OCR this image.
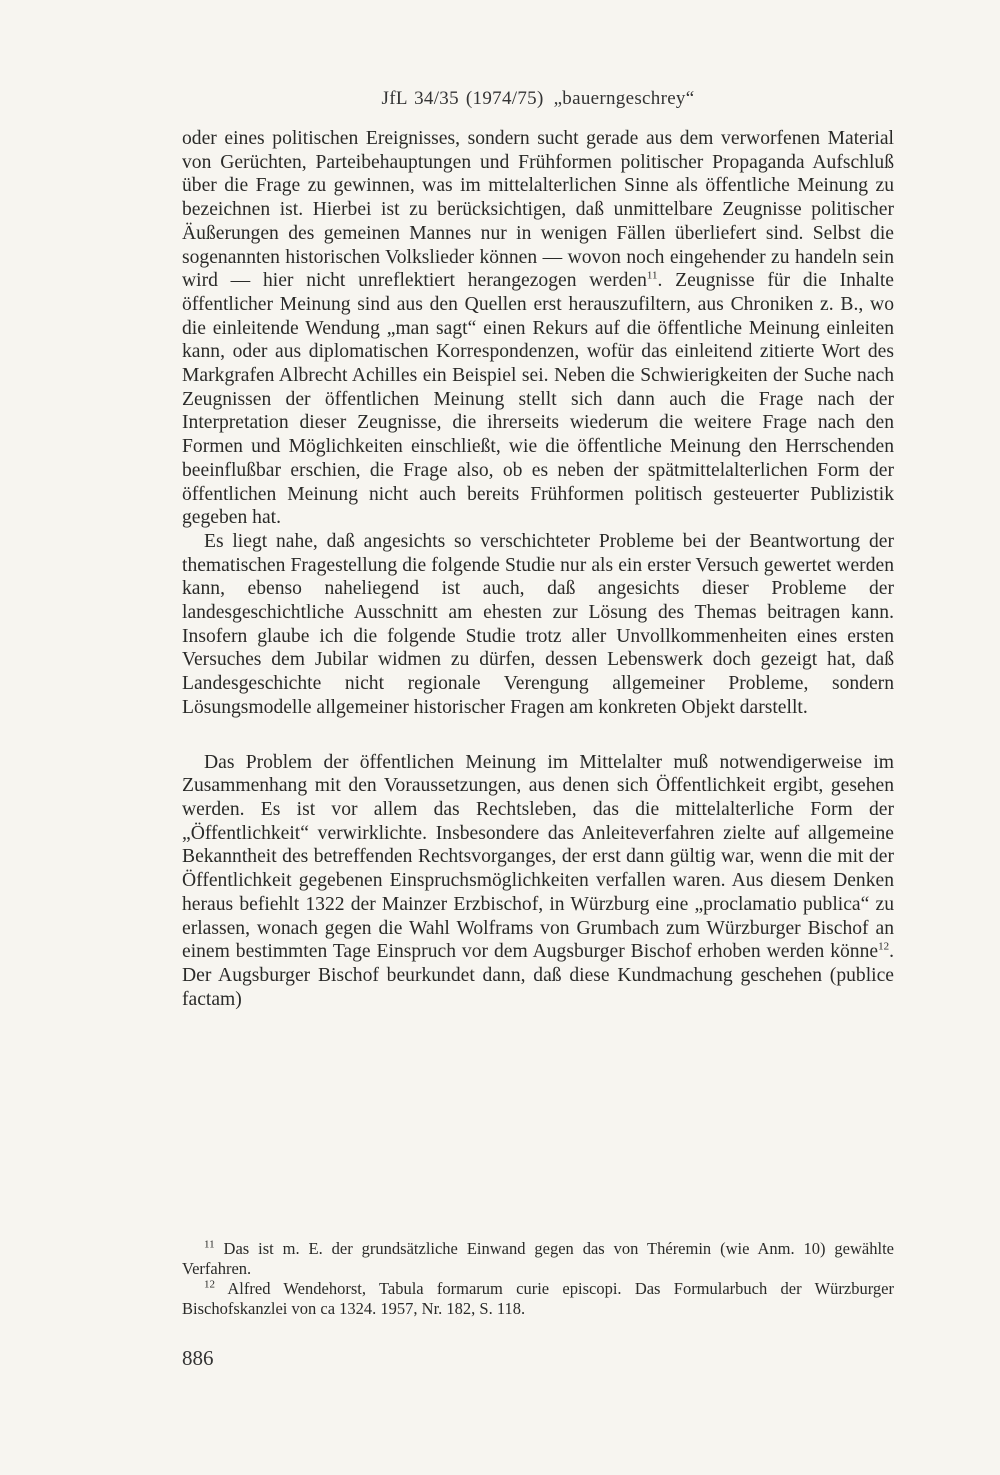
JfL 34/35 (1974/75) „bauerngeschrey“

oder eines politischen Ereignisses, sondern sucht gerade aus dem verworfenen Material von Gerüchten, Parteibehauptungen und Frühformen politischer Propaganda Aufschluß über die Frage zu gewinnen, was im mittelalterlichen Sinne als öffentliche Meinung zu bezeichnen ist. Hierbei ist zu berücksichtigen, daß unmittelbare Zeugnisse politischer Äußerungen des gemeinen Mannes nur in wenigen Fällen überliefert sind. Selbst die sogenannten historischen Volkslieder können — wovon noch eingehender zu handeln sein wird — hier nicht unreflektiert herangezogen werden$^{11}$. Zeugnisse für die Inhalte öffentlicher Meinung sind aus den Quellen erst herauszufiltern, aus Chroniken z. B., wo die einleitende Wendung „man sagt“ einen Rekurs auf die öffentliche Meinung einleiten kann, oder aus diplomatischen Korrespondenzen, wofür das einleitend zitierte Wort des Markgrafen Albrecht Achilles ein Beispiel sei. Neben die Schwierigkeiten der Suche nach Zeugnissen der öffentlichen Meinung stellt sich dann auch die Frage nach der Interpretation dieser Zeugnisse, die ihrerseits wiederum die weitere Frage nach den Formen und Möglichkeiten einschließt, wie die öffentliche Meinung den Herrschenden beeinflußbar erschien, die Frage also, ob es neben der spätmittelalterlichen Form der öffentlichen Meinung nicht auch bereits Frühformen politisch gesteuerter Publizistik gegeben hat.

Es liegt nahe, daß angesichts so verschichteter Probleme bei der Beantwortung der thematischen Fragestellung die folgende Studie nur als ein erster Versuch gewertet werden kann, ebenso naheliegend ist auch, daß angesichts dieser Probleme der landesgeschichtliche Ausschnitt am ehesten zur Lösung des Themas beitragen kann. Insofern glaube ich die folgende Studie trotz aller Unvollkommenheiten eines ersten Versuches dem Jubilar widmen zu dürfen, dessen Lebenswerk doch gezeigt hat, daß Landesgeschichte nicht regionale Verengung allgemeiner Probleme, sondern Lösungsmodelle allgemeiner historischer Fragen am konkreten Objekt darstellt.

Das Problem der öffentlichen Meinung im Mittelalter muß notwendigerweise im Zusammenhang mit den Voraussetzungen, aus denen sich Öffentlichkeit ergibt, gesehen werden. Es ist vor allem das Rechtsleben, das die mittelalterliche Form der „Öffentlichkeit“ verwirklichte. Insbesondere das Anleiteverfahren zielte auf allgemeine Bekanntheit des betreffenden Rechtsvorganges, der erst dann gültig war, wenn die mit der Öffentlichkeit gegebenen Einspruchsmöglichkeiten verfallen waren. Aus diesem Denken heraus befiehlt 1322 der Mainzer Erzbischof, in Würzburg eine „proclamatio publica“ zu erlassen, wonach gegen die Wahl Wolframs von Grumbach zum Würzburger Bischof an einem bestimmten Tage Einspruch vor dem Augsburger Bischof erhoben werden könne$^{12}$. Der Augsburger Bischof beurkundet dann, daß diese Kundmachung geschehen (publice factam)

$^{11}$ Das ist m. E. der grundsätzliche Einwand gegen das von Théremin (wie Anm. 10) gewählte Verfahren.

$^{12}$ Alfred Wendehorst, Tabula formarum curie episcopi. Das Formularbuch der Würzburger Bischofskanzlei von ca 1324. 1957, Nr. 182, S. 118.

886
